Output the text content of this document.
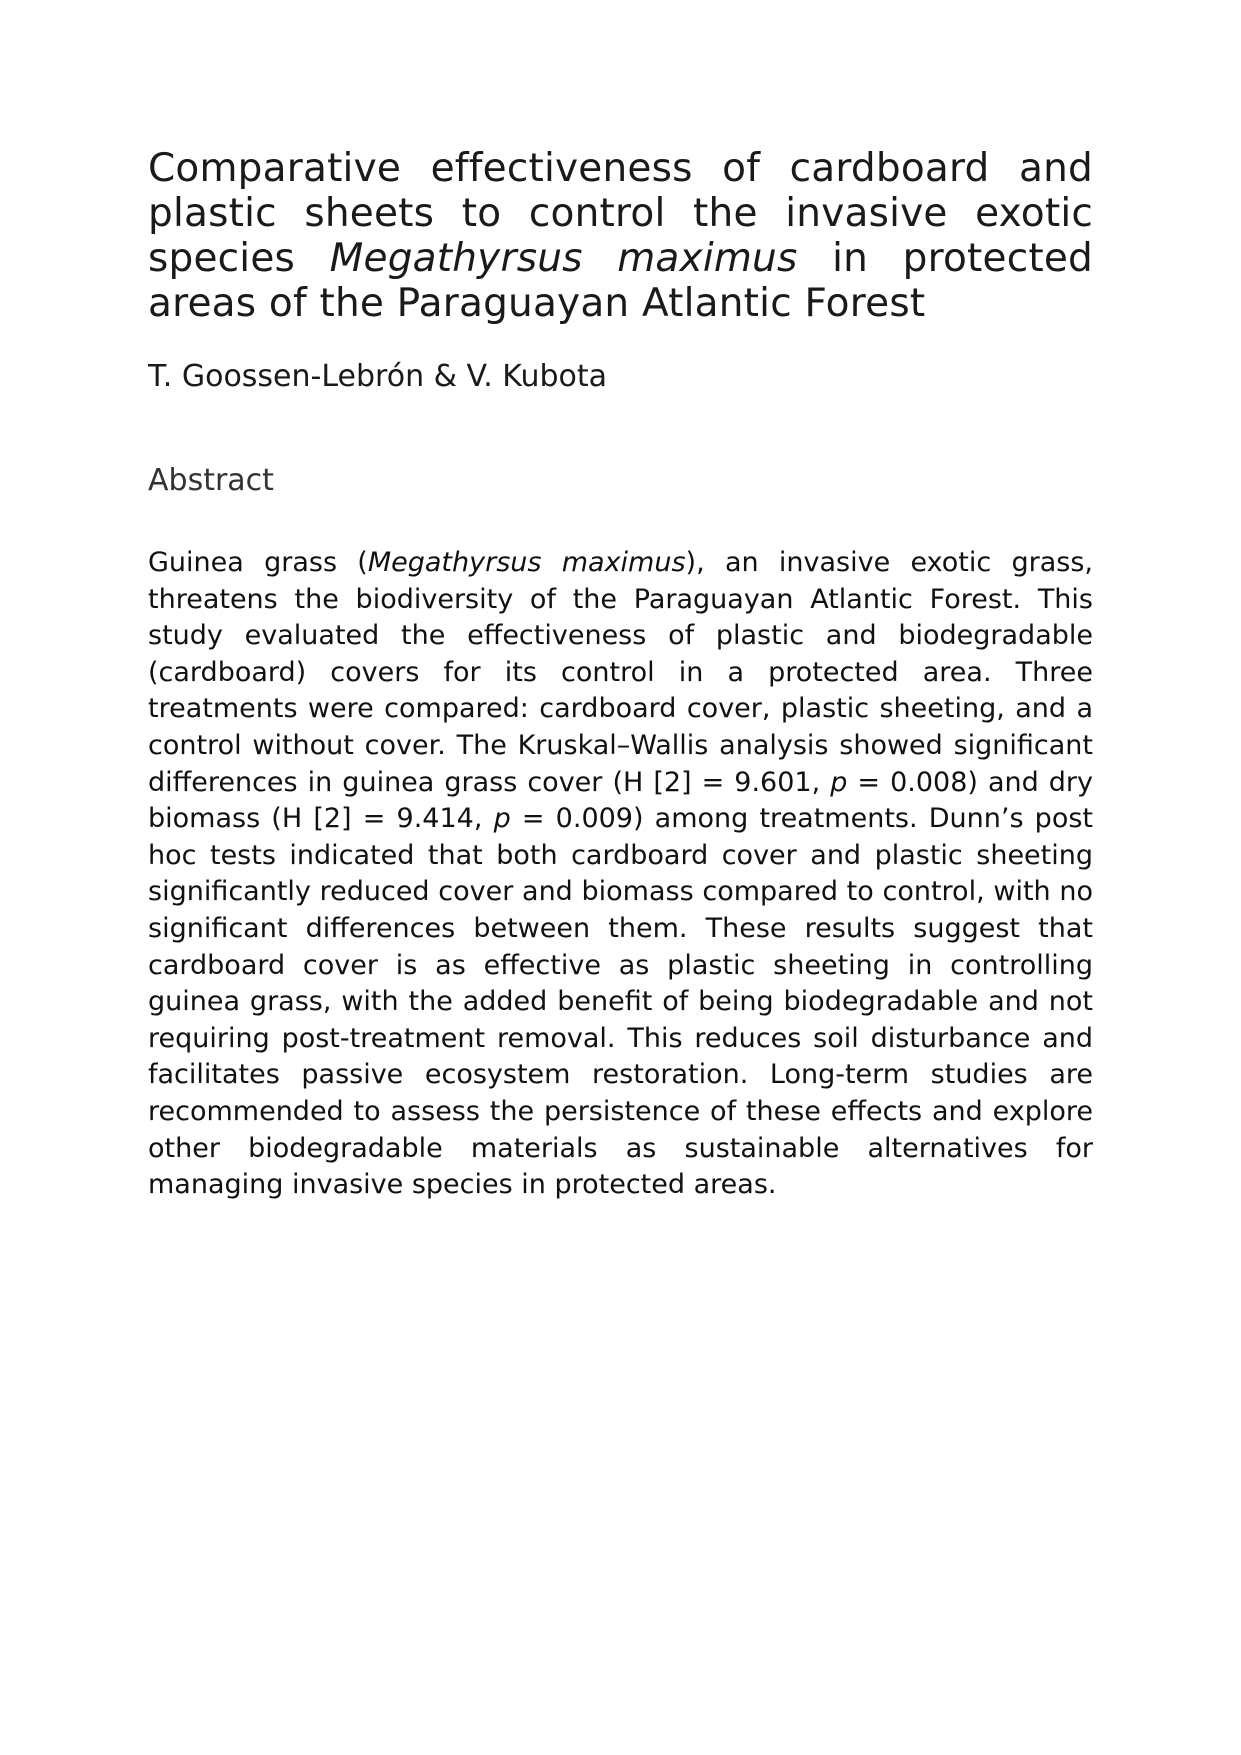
Comparative effectiveness of cardboard and plastic sheets to control the invasive exotic species Megathyrsus maximus in protected areas of the Paraguayan Atlantic Forest
T. Goossen-Lebrón & V. Kubota
Abstract

Guinea grass (Megathyrsus maximus), an invasive exotic grass, threatens the biodiversity of the Paraguayan Atlantic Forest. This study evaluated the effectiveness of plastic and biodegradable (cardboard) covers for its control in a protected area. Three treatments were compared: cardboard cover, plastic sheeting, and a control without cover. The Kruskal–Wallis analysis showed significant differences in guinea grass cover (H [2] = 9.601, p = 0.008) and dry biomass (H [2] = 9.414, p = 0.009) among treatments. Dunn’s post hoc tests indicated that both cardboard cover and plastic sheeting significantly reduced cover and biomass compared to control, with no significant differences between them. These results suggest that cardboard cover is as effective as plastic sheeting in controlling guinea grass, with the added benefit of being biodegradable and not requiring post-treatment removal. This reduces soil disturbance and facilitates passive ecosystem restoration. Long-term studies are recommended to assess the persistence of these effects and explore other biodegradable materials as sustainable alternatives for managing invasive species in protected areas.
